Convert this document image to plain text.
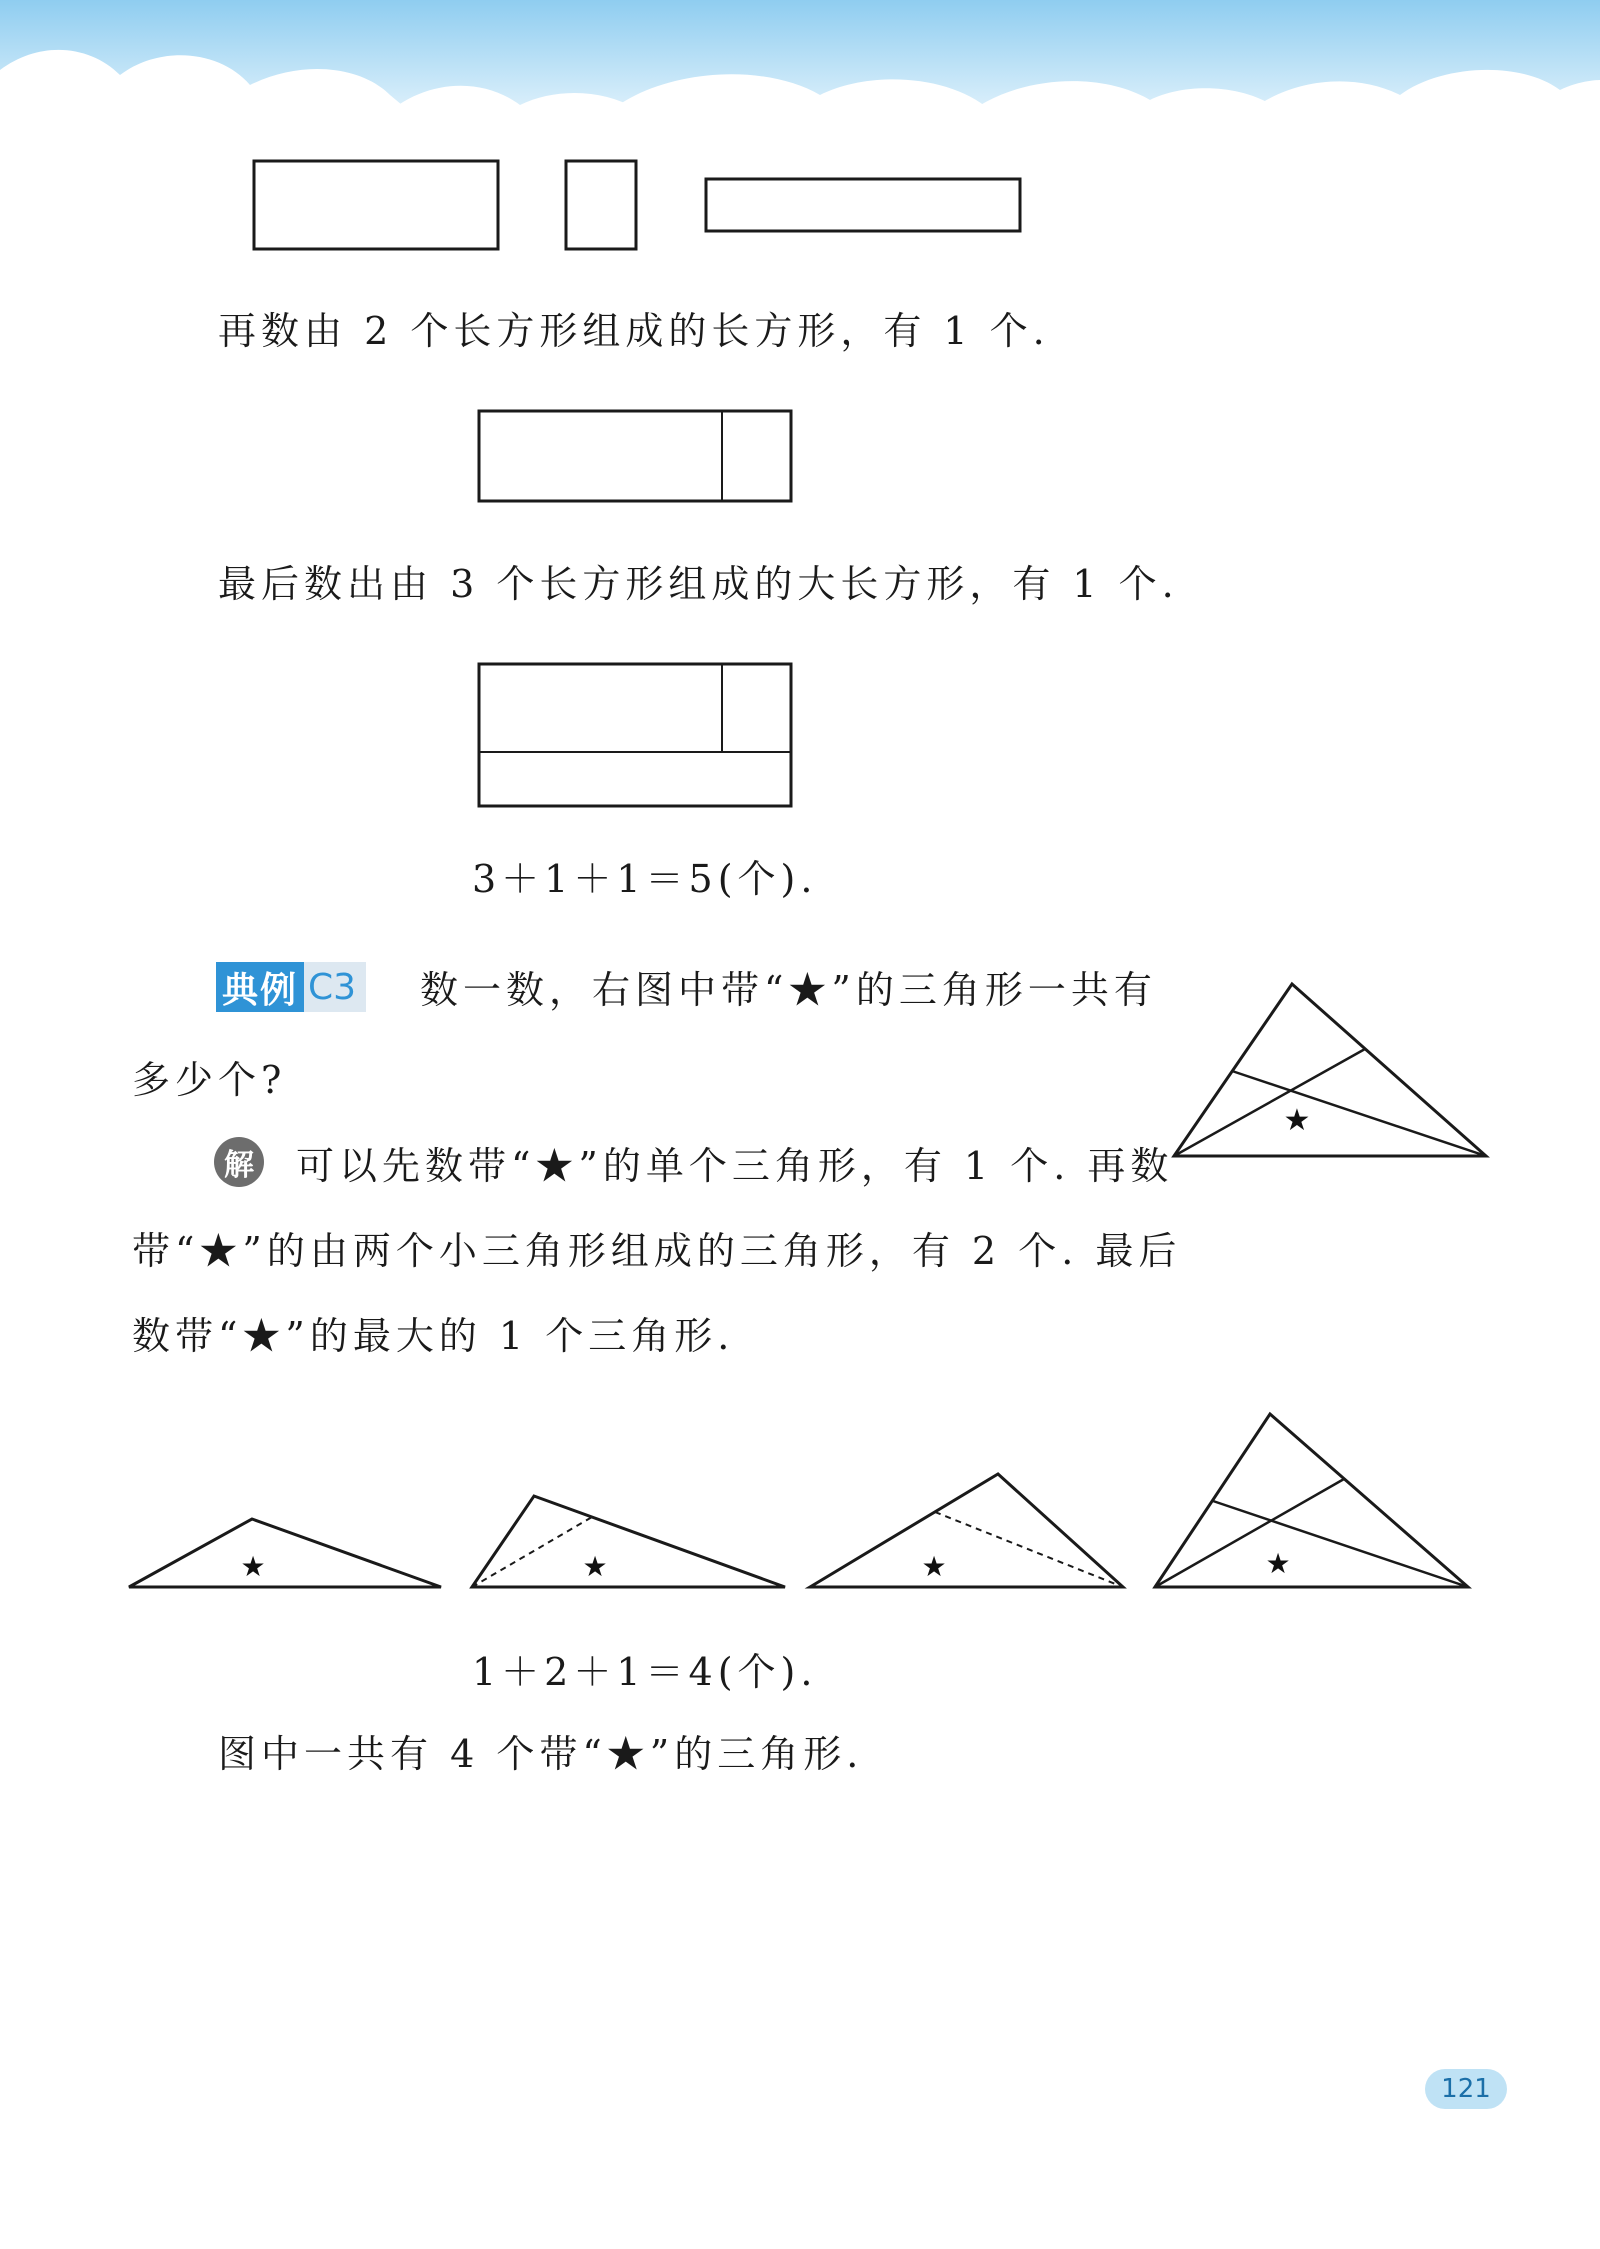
再数由 2 个长方形组成的长方形，有 1 个.
最后数出由 3 个长方形组成的大长方形，有 1 个.
3＋1＋1＝5(个).
典例 C3 数一数，右图中带“★”的三角形一共有
多少个?
★
解 可以先数带“★”的单个三角形，有 1 个. 再数
带“★”的由两个小三角形组成的三角形，有 2 个. 最后
数带“★”的最大的 1 个三角形.
★	★	★	★
1＋2＋1＝4(个).
图中一共有 4 个带“★”的三角形.
121
